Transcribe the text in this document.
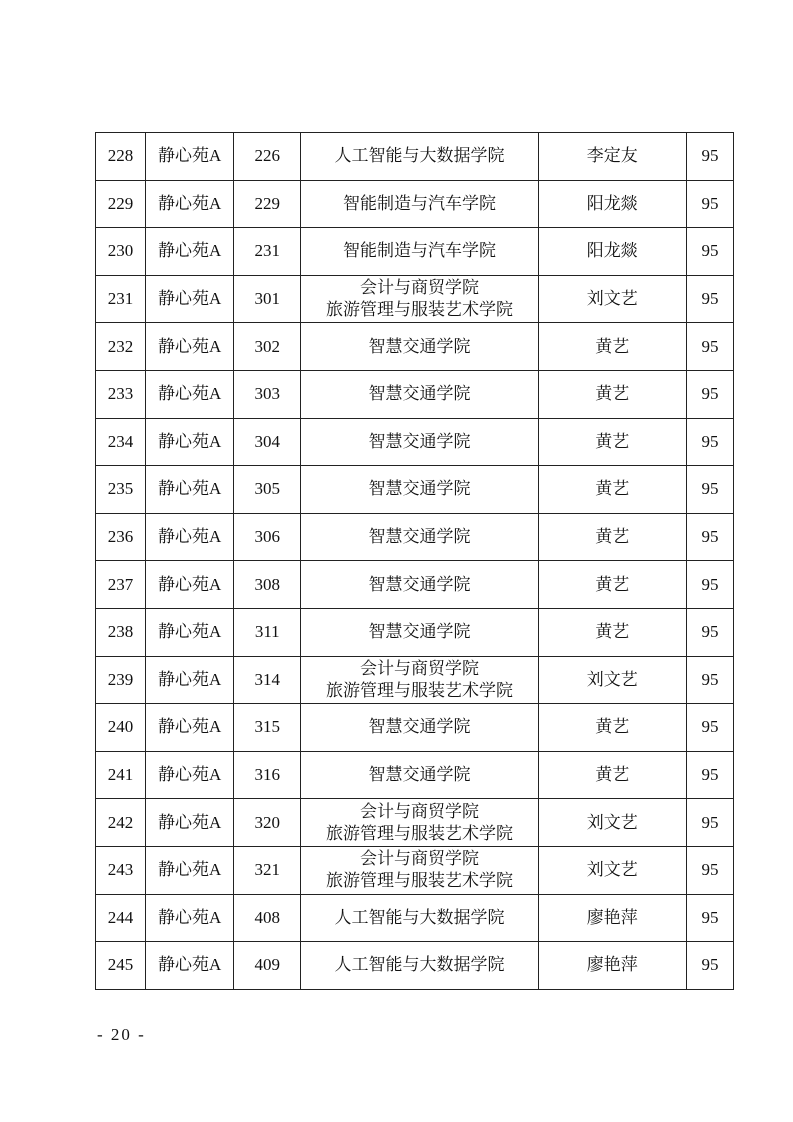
228	静心苑A	226	人工智能与大数据学院	李定友	95
229	静心苑A	229	智能制造与汽车学院	阳龙燚	95
230	静心苑A	231	智能制造与汽车学院	阳龙燚	95
231	静心苑A	301	会计与商贸学院
旅游管理与服装艺术学院	刘文艺	95
232	静心苑A	302	智慧交通学院	黄艺	95
233	静心苑A	303	智慧交通学院	黄艺	95
234	静心苑A	304	智慧交通学院	黄艺	95
235	静心苑A	305	智慧交通学院	黄艺	95
236	静心苑A	306	智慧交通学院	黄艺	95
237	静心苑A	308	智慧交通学院	黄艺	95
238	静心苑A	311	智慧交通学院	黄艺	95
239	静心苑A	314	会计与商贸学院
旅游管理与服装艺术学院	刘文艺	95
240	静心苑A	315	智慧交通学院	黄艺	95
241	静心苑A	316	智慧交通学院	黄艺	95
242	静心苑A	320	会计与商贸学院
旅游管理与服装艺术学院	刘文艺	95
243	静心苑A	321	会计与商贸学院
旅游管理与服装艺术学院	刘文艺	95
244	静心苑A	408	人工智能与大数据学院	廖艳萍	95
245	静心苑A	409	人工智能与大数据学院	廖艳萍	95
- 20 -
